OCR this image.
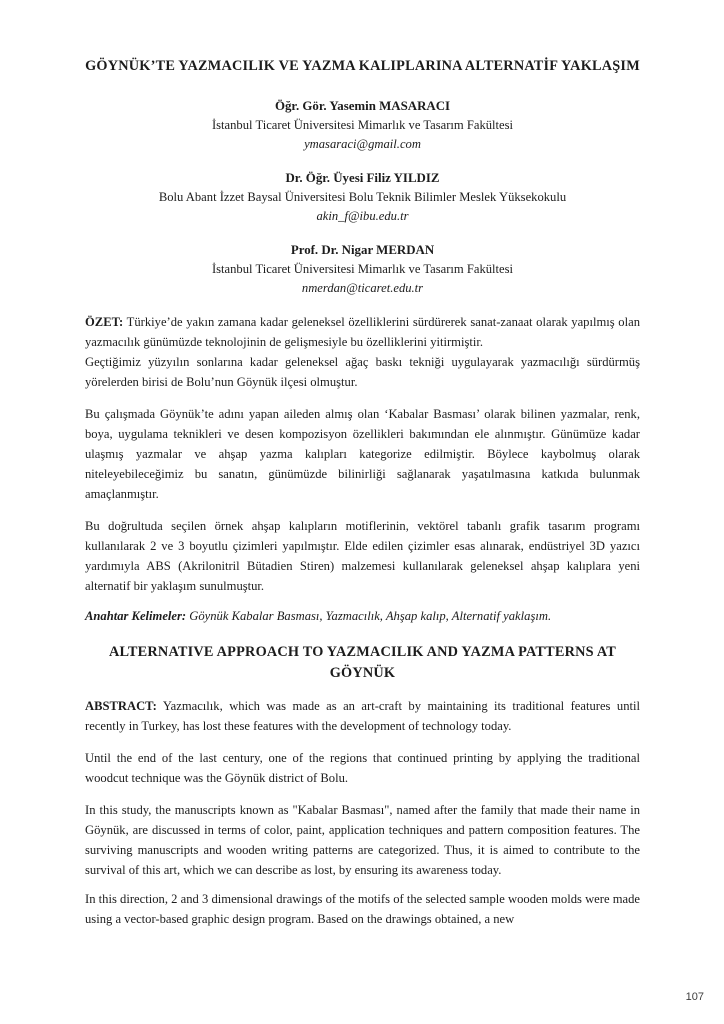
GÖYNÜK’TE YAZMACILIK VE YAZMA KALIPLARINA ALTERNATİF YAKLAŞIM
Öğr. Gör. Yasemin MASARACI
İstanbul Ticaret Üniversitesi Mimarlık ve Tasarım Fakültesi
ymasaraci@gmail.com
Dr. Öğr. Üyesi Filiz YILDIZ
Bolu Abant İzzet Baysal Üniversitesi Bolu Teknik Bilimler Meslek Yüksekokulu
akin_f@ibu.edu.tr
Prof. Dr. Nigar MERDAN
İstanbul Ticaret Üniversitesi Mimarlık ve Tasarım Fakültesi
nmerdan@ticaret.edu.tr

ÖZET: Türkiye’de yakın zamana kadar geleneksel özelliklerini sürdürerek sanat-zanaat olarak yapılmış olan yazmacılık günümüzde teknolojinin de gelişmesiyle bu özelliklerini yitirmiştir.

Geçtiğimiz yüzyılın sonlarına kadar geleneksel ağaç baskı tekniği uygulayarak yazmacılığı sürdürmüş yörelerden birisi de Bolu’nun Göynük ilçesi olmuştur.

Bu çalışmada Göynük’te adını yapan aileden almış olan ‘Kabalar Basması’ olarak bilinen yazmalar, renk, boya, uygulama teknikleri ve desen kompozisyon özellikleri bakımından ele alınmıştır. Günümüze kadar ulaşmış yazmalar ve ahşap yazma kalıpları kategorize edilmiştir. Böylece kaybolmuş olarak niteleyebileceğimiz bu sanatın, günümüzde bilinirliği sağlanarak yaşatılmasına katkıda bulunmak amaçlanmıştır.

Bu doğrultuda seçilen örnek ahşap kalıpların motiflerinin, vektörel tabanlı grafik tasarım programı kullanılarak 2 ve 3 boyutlu çizimleri yapılmıştır. Elde edilen çizimler esas alınarak, endüstriyel 3D yazıcı yardımıyla ABS (Akrilonitril Bütadien Stiren) malzemesi kullanılarak geleneksel ahşap kalıplara yeni alternatif bir yaklaşım sunulmuştur.

Anahtar Kelimeler: Göynük Kabalar Basması, Yazmacılık, Ahşap kalıp, Alternatif yaklaşım.

ALTERNATIVE APPROACH TO YAZMACILIK AND YAZMA PATTERNS AT GÖYNÜK

ABSTRACT: Yazmacılık, which was made as an art-craft by maintaining its traditional features until recently in Turkey, has lost these features with the development of technology today.

Until the end of the last century, one of the regions that continued printing by applying the traditional woodcut technique was the Göynük district of Bolu.

In this study, the manuscripts known as "Kabalar Basması", named after the family that made their name in Göynük, are discussed in terms of color, paint, application techniques and pattern composition features. The surviving manuscripts and wooden writing patterns are categorized. Thus, it is aimed to contribute to the survival of this art, which we can describe as lost, by ensuring its awareness today.

In this direction, 2 and 3 dimensional drawings of the motifs of the selected sample wooden molds were made using a vector-based graphic design program. Based on the drawings obtained, a new

107
